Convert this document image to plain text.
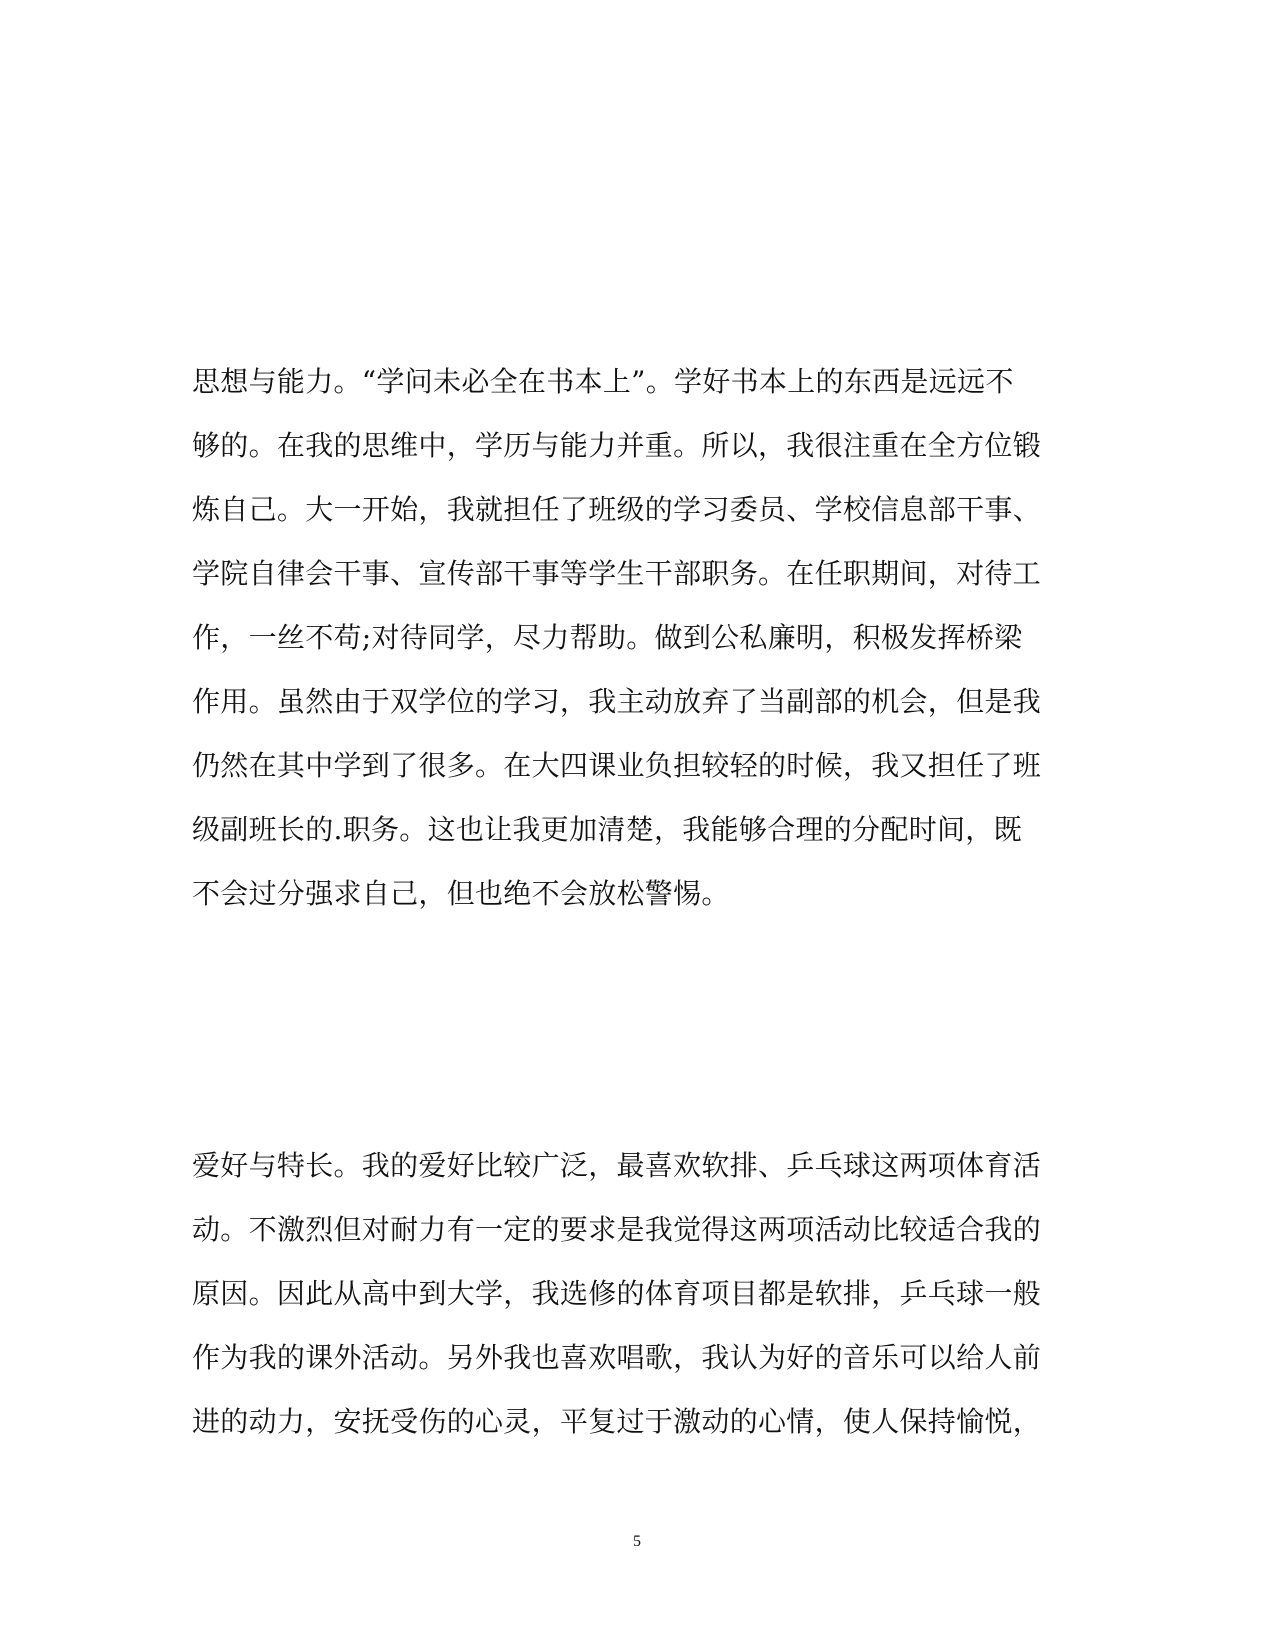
思想与能力。“学问未必全在书本上”。学好书本上的东西是远远不
够的。在我的思维中，学历与能力并重。所以，我很注重在全方位锻
炼自己。大一开始，我就担任了班级的学习委员、学校信息部干事、
学院自律会干事、宣传部干事等学生干部职务。在任职期间，对待工
作，一丝不苟;对待同学，尽力帮助。做到公私廉明，积极发挥桥梁
作用。虽然由于双学位的学习，我主动放弃了当副部的机会，但是我
仍然在其中学到了很多。在大四课业负担较轻的时候，我又担任了班
级副班长的.职务。这也让我更加清楚，我能够合理的分配时间，既
不会过分强求自己，但也绝不会放松警惕。
爱好与特长。我的爱好比较广泛，最喜欢软排、乒乓球这两项体育活
动。不激烈但对耐力有一定的要求是我觉得这两项活动比较适合我的
原因。因此从高中到大学，我选修的体育项目都是软排，乒乓球一般
作为我的课外活动。另外我也喜欢唱歌，我认为好的音乐可以给人前
进的动力，安抚受伤的心灵，平复过于激动的心情，使人保持愉悦，
5
